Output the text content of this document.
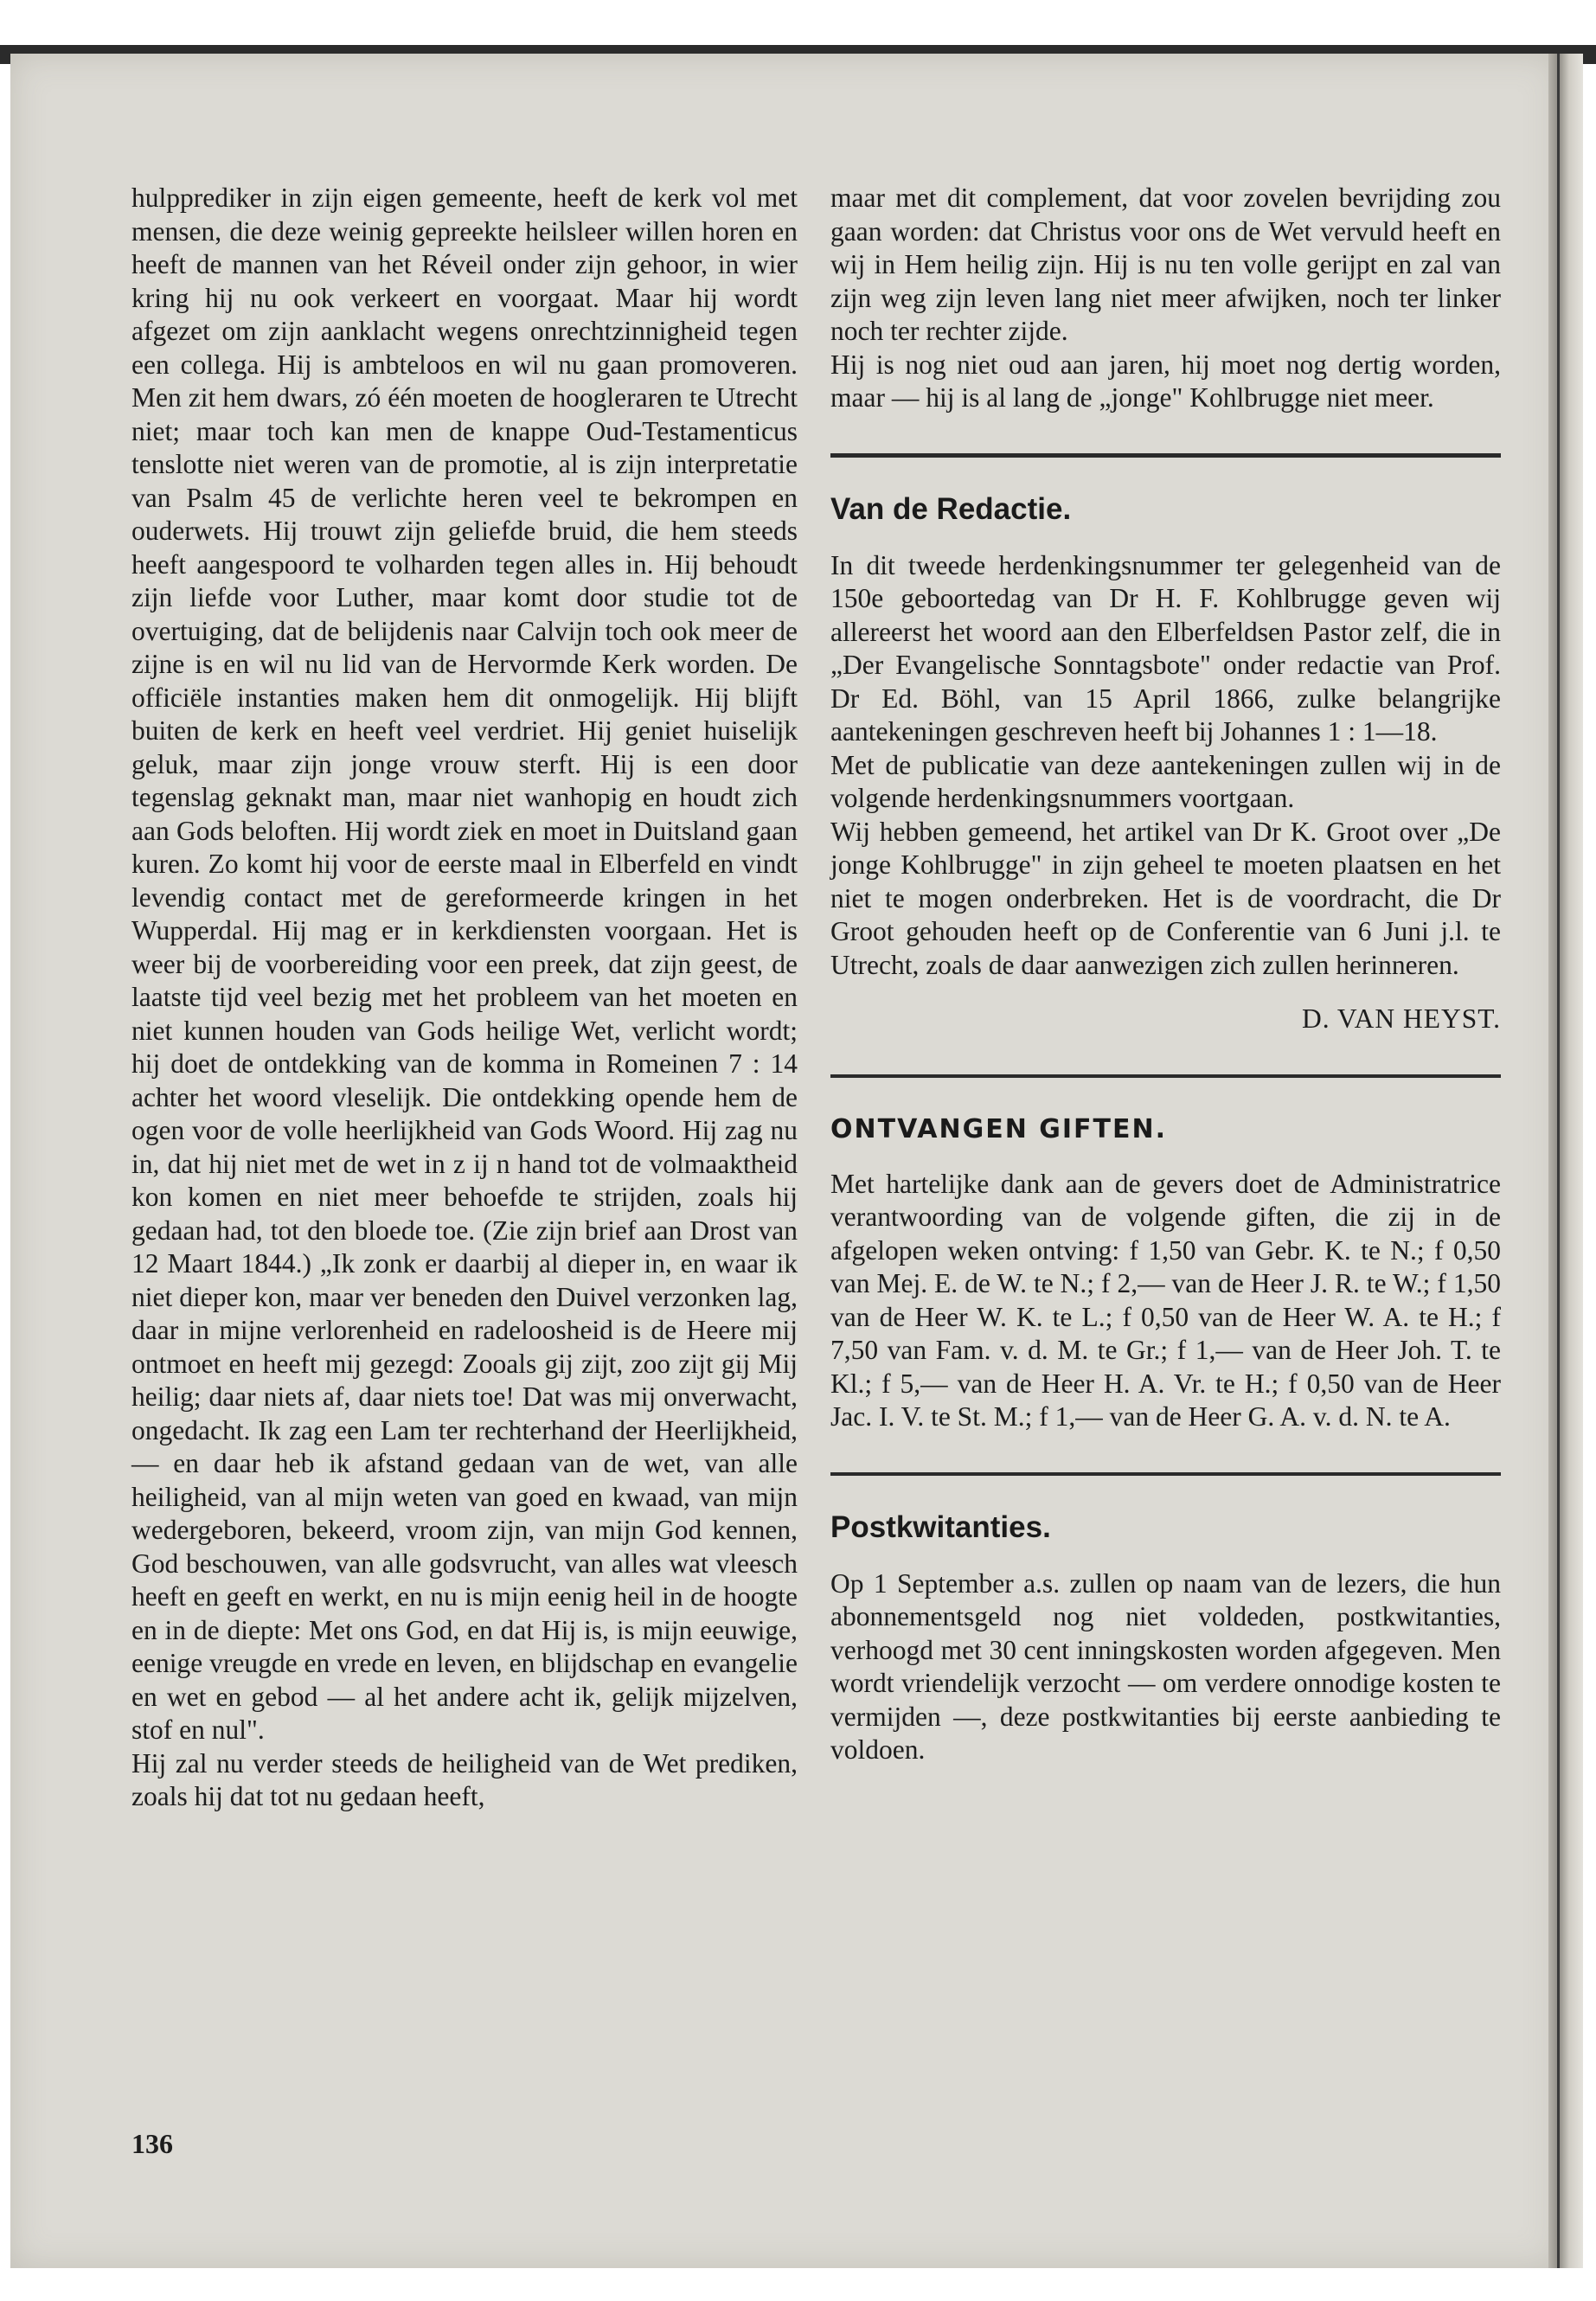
hulpprediker in zijn eigen gemeente, heeft de kerk vol met mensen, die deze weinig gepreekte heilsleer willen horen en heeft de mannen van het Réveil onder zijn gehoor, in wier kring hij nu ook verkeert en voorgaat. Maar hij wordt afgezet om zijn aanklacht wegens onrechtzinnigheid tegen een collega. Hij is ambteloos en wil nu gaan promoveren. Men zit hem dwars, zó één moeten de hoogleraren te Utrecht niet; maar toch kan men de knappe Oud-Testamenticus tenslotte niet weren van de promotie, al is zijn interpretatie van Psalm 45 de verlichte heren veel te bekrompen en ouderwets. Hij trouwt zijn geliefde bruid, die hem steeds heeft aangespoord te volharden tegen alles in. Hij behoudt zijn liefde voor Luther, maar komt door studie tot de overtuiging, dat de belijdenis naar Calvijn toch ook meer de zijne is en wil nu lid van de Hervormde Kerk worden. De officiële instanties maken hem dit onmogelijk. Hij blijft buiten de kerk en heeft veel verdriet. Hij geniet huiselijk geluk, maar zijn jonge vrouw sterft. Hij is een door tegenslag geknakt man, maar niet wanhopig en houdt zich aan Gods beloften. Hij wordt ziek en moet in Duitsland gaan kuren. Zo komt hij voor de eerste maal in Elberfeld en vindt levendig contact met de gereformeerde kringen in het Wupperdal. Hij mag er in kerkdiensten voorgaan. Het is weer bij de voorbereiding voor een preek, dat zijn geest, de laatste tijd veel bezig met het probleem van het moeten en niet kunnen houden van Gods heilige Wet, verlicht wordt; hij doet de ontdekking van de komma in Romeinen 7 : 14 achter het woord vleselijk. Die ontdekking opende hem de ogen voor de volle heerlijkheid van Gods Woord. Hij zag nu in, dat hij niet met de wet in z ij n hand tot de volmaaktheid kon komen en niet meer behoefde te strijden, zoals hij gedaan had, tot den bloede toe. (Zie zijn brief aan Drost van 12 Maart 1844.) „Ik zonk er daarbij al dieper in, en waar ik niet dieper kon, maar ver beneden den Duivel verzonken lag, daar in mijne verlorenheid en radeloosheid is de Heere mij ontmoet en heeft mij gezegd: Zooals gij zijt, zoo zijt gij Mij heilig; daar niets af, daar niets toe! Dat was mij onverwacht, ongedacht. Ik zag een Lam ter rechterhand der Heerlijkheid, — en daar heb ik afstand gedaan van de wet, van alle heiligheid, van al mijn weten van goed en kwaad, van mijn wedergeboren, bekeerd, vroom zijn, van mijn God kennen, God beschouwen, van alle godsvrucht, van alles wat vleesch heeft en geeft en werkt, en nu is mijn eenig heil in de hoogte en in de diepte: Met ons God, en dat Hij is, is mijn eeuwige, eenige vreugde en vrede en leven, en blijdschap en evangelie en wet en gebod — al het andere acht ik, gelijk mijzelven, stof en nul".

Hij zal nu verder steeds de heiligheid van de Wet prediken, zoals hij dat tot nu gedaan heeft,

maar met dit complement, dat voor zovelen bevrijding zou gaan worden: dat Christus voor ons de Wet vervuld heeft en wij in Hem heilig zijn. Hij is nu ten volle gerijpt en zal van zijn weg zijn leven lang niet meer afwijken, noch ter linker noch ter rechter zijde.

Hij is nog niet oud aan jaren, hij moet nog dertig worden, maar — hij is al lang de „jonge" Kohlbrugge niet meer.

Van de Redactie.

In dit tweede herdenkingsnummer ter gelegenheid van de 150e geboortedag van Dr H. F. Kohlbrugge geven wij allereerst het woord aan den Elberfeldsen Pastor zelf, die in „Der Evangelische Sonntagsbote" onder redactie van Prof. Dr Ed. Böhl, van 15 April 1866, zulke belangrijke aantekeningen geschreven heeft bij Johannes 1 : 1—18.

Met de publicatie van deze aantekeningen zullen wij in de volgende herdenkingsnummers voortgaan.

Wij hebben gemeend, het artikel van Dr K. Groot over „De jonge Kohlbrugge" in zijn geheel te moeten plaatsen en het niet te mogen onderbreken. Het is de voordracht, die Dr Groot gehouden heeft op de Conferentie van 6 Juni j.l. te Utrecht, zoals de daar aanwezigen zich zullen herinneren.

D. VAN HEYST.
ONTVANGEN GIFTEN.

Met hartelijke dank aan de gevers doet de Administratrice verantwoording van de volgende giften, die zij in de afgelopen weken ontving: f 1,50 van Gebr. K. te N.; f 0,50 van Mej. E. de W. te N.; f 2,— van de Heer J. R. te W.; f 1,50 van de Heer W. K. te L.; f 0,50 van de Heer W. A. te H.; f 7,50 van Fam. v. d. M. te Gr.; f 1,— van de Heer Joh. T. te Kl.; f 5,— van de Heer H. A. Vr. te H.; f 0,50 van de Heer Jac. I. V. te St. M.; f 1,— van de Heer G. A. v. d. N. te A.

Postkwitanties.

Op 1 September a.s. zullen op naam van de lezers, die hun abonnementsgeld nog niet voldeden, postkwitanties, verhoogd met 30 cent inningskosten worden afgegeven. Men wordt vriendelijk verzocht — om verdere onnodige kosten te vermijden —, deze postkwitanties bij eerste aanbieding te voldoen.

136
